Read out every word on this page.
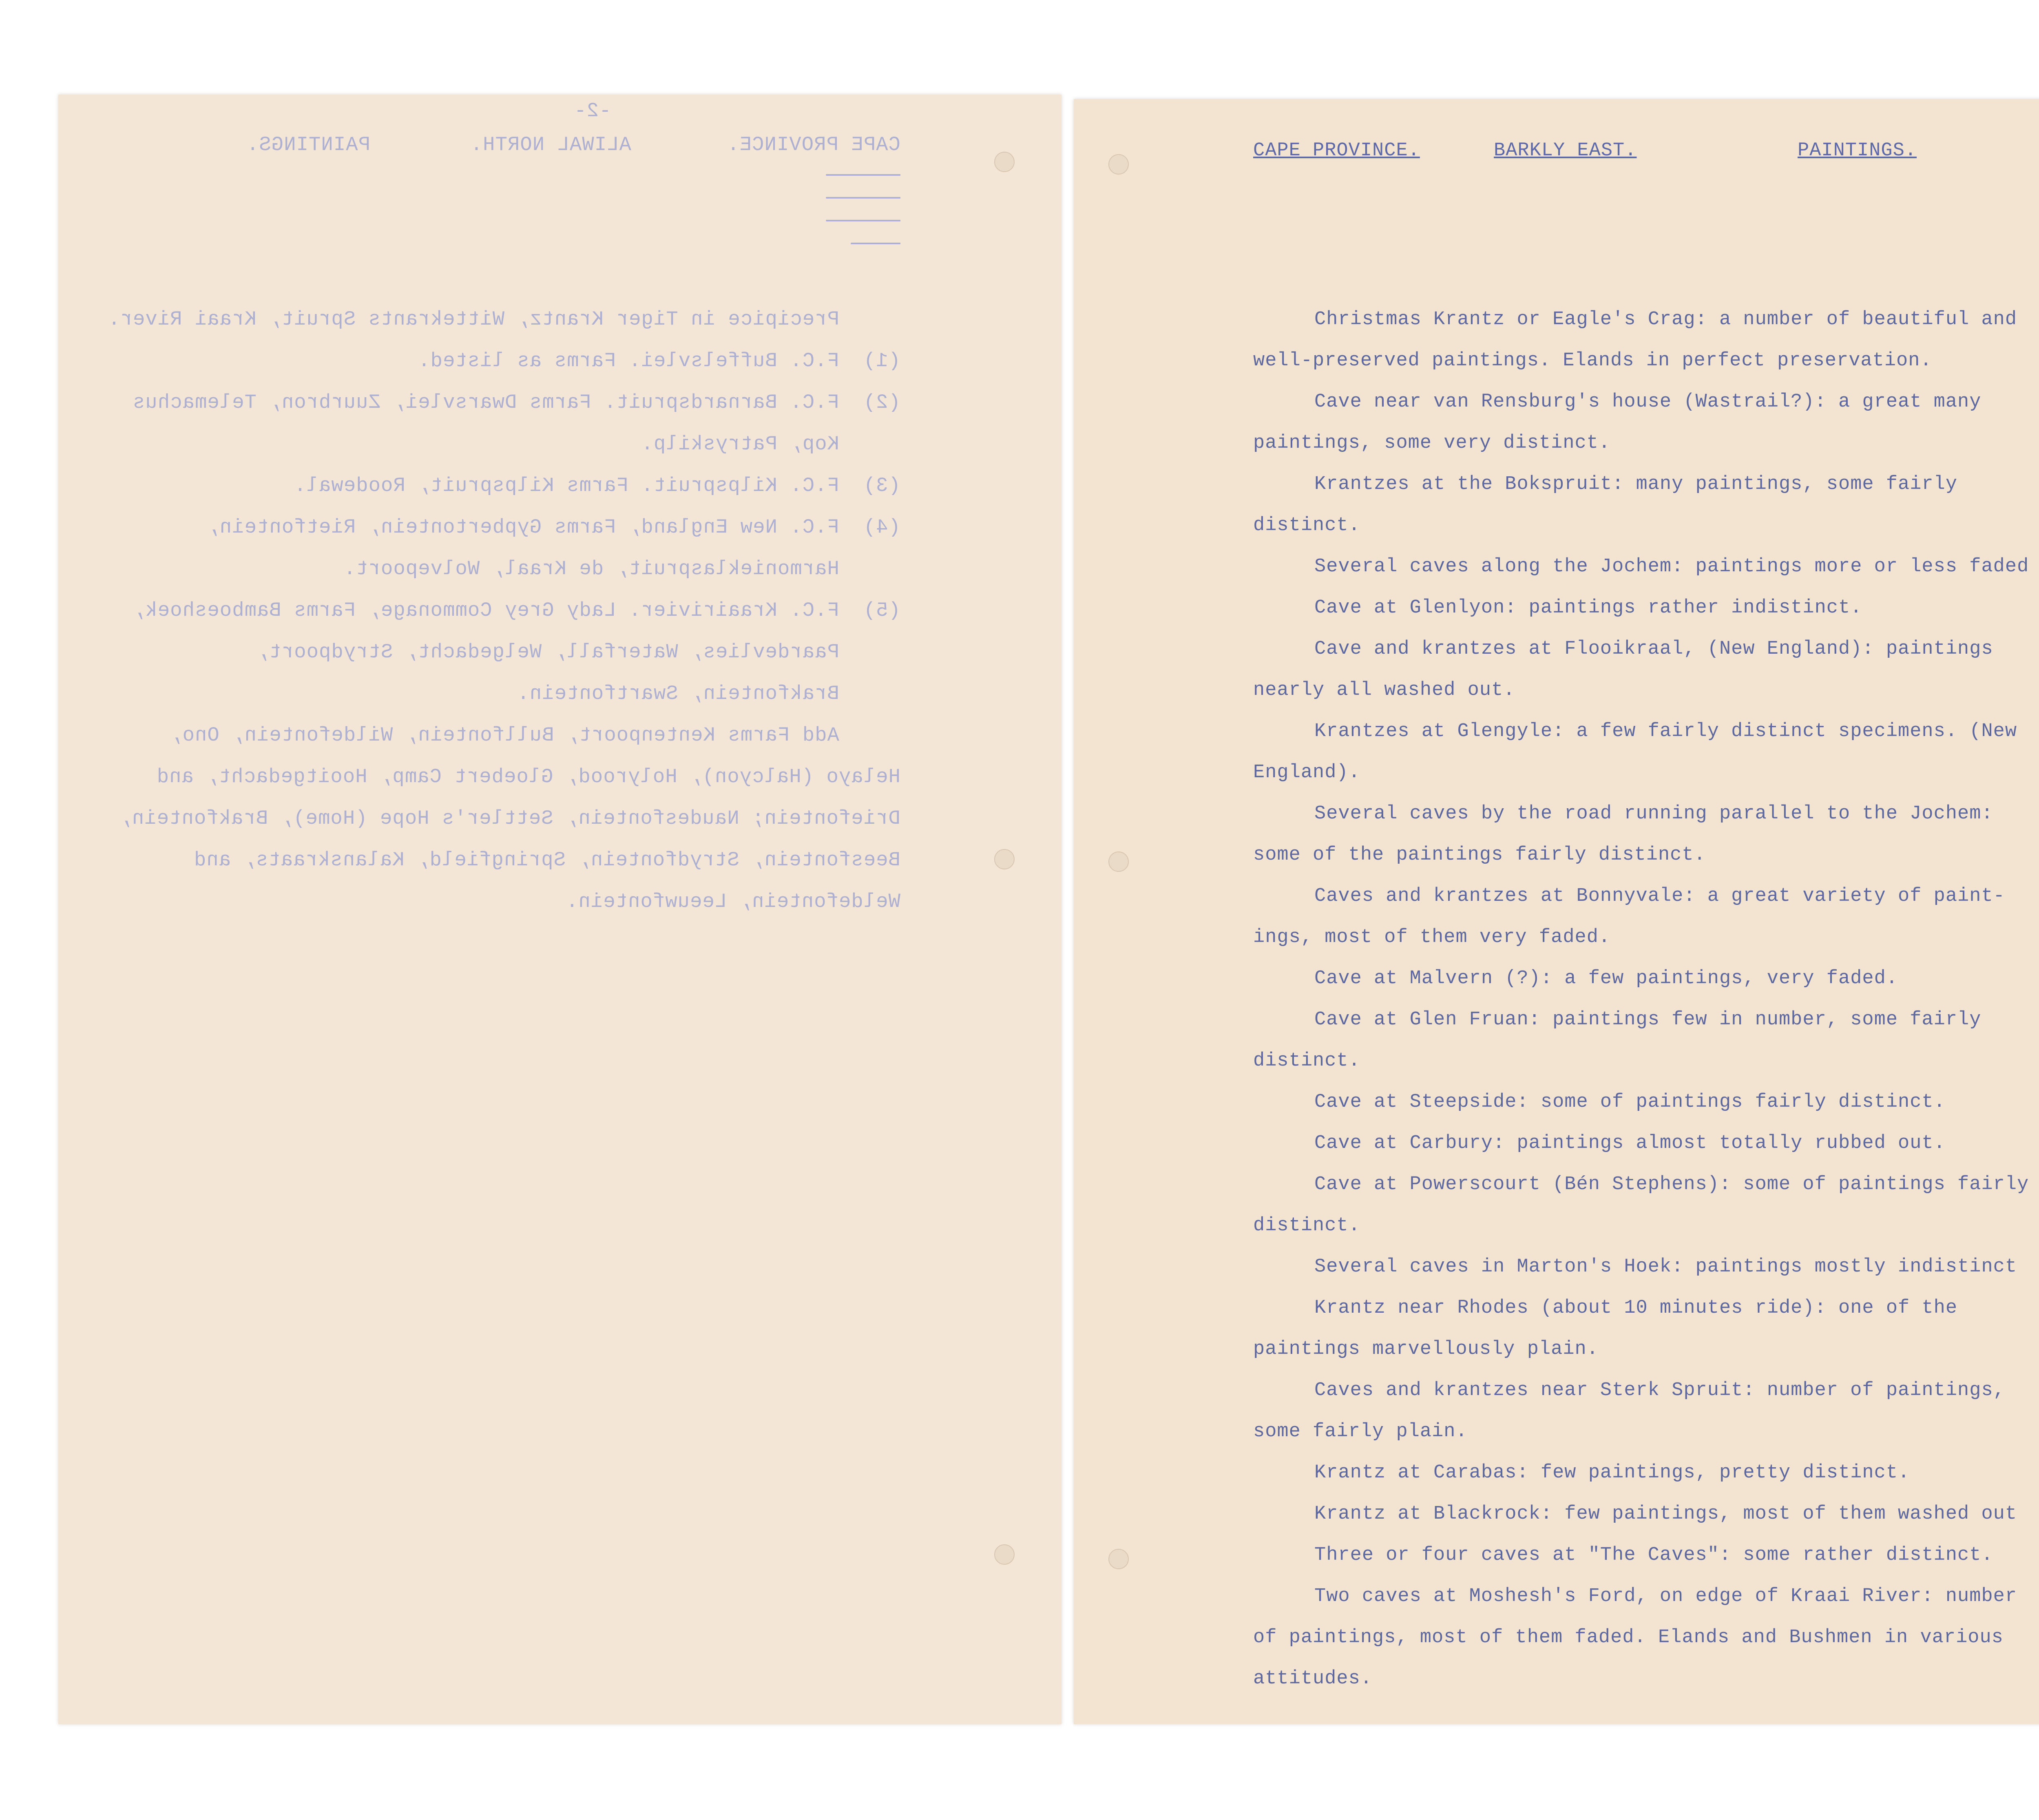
-2-

CAPE PROVINCE.

ALIWAL NORTH.

PAINTINGS.

Precipice in Tiger Krantz, Wittekrants Spruit, Kraai River.

(1)F.C. Buffelsvlei. Farms as listed.

(2)F.C. Barnardspruit. Farms Dwarsvlei, Zuurbron, Telemachus Kop, Patryskilp.

(3)F.C. Kilpspruit. Farms Kilpspruit, Roodewal.

(4)F.C. New England, Farms Gypbertontein, Rietfontein, Harmonieklaspruit, de Kraal, Wolvepoort.

(5)F.C. Kraairivier. Lady Grey Commonage, Farms Bamboeshoek, Paardevlies, Waterfall, Welgedacht, Strydpoort, Brakfontein, Swartfontein.

Add Farms Kentenpoort, Bullfontein, Wildefontein, Ono, Helayo (Halcyon), Holyrood, Gloebert Camp, Hooitgedacht, and Driefontein; Naudesfontein, Settler's Hope (Home), Brakfontein, Beesfontein, Strydfontein, Springfield, Kalanskraats, and Weldefontein, Leeuwfontein.

CAPE PROVINCE.	BARKLY EAST.	PAINTINGS.

Christmas Krantz or Eagle's Crag: a number of beautiful and well-preserved paintings. Elands in perfect preservation.

Cave near van Rensburg's house (Wastrail?): a great many paintings, some very distinct.

Krantzes at the Bokspruit: many paintings, some fairly distinct.

Several caves along the Jochem: paintings more or less faded

Cave at Glenlyon: paintings rather indistinct.

Cave and krantzes at Flooikraal, (New England): paintings nearly all washed out.

Krantzes at Glengyle: a few fairly distinct specimens. (New England).

Several caves by the road running parallel to the Jochem: some of the paintings fairly distinct.

Caves and krantzes at Bonnyvale: a great variety of paint- ings, most of them very faded.

Cave at Malvern (?): a few paintings, very faded.

Cave at Glen Fruan: paintings few in number, some fairly distinct.

Cave at Steepside: some of paintings fairly distinct.

Cave at Carbury: paintings almost totally rubbed out.

Cave at Powerscourt (Bén Stephens): some of paintings fairly distinct.

Several caves in Marton's Hoek: paintings mostly indistinct

Krantz near Rhodes (about 10 minutes ride): one of the paintings marvellously plain.

Caves and krantzes near Sterk Spruit: number of paintings, some fairly plain.

Krantz at Carabas: few paintings, pretty distinct.

Krantz at Blackrock: few paintings, most of them washed out

Three or four caves at "The Caves": some rather distinct.

Two caves at Moshesh's Ford, on edge of Kraai River: number of paintings, most of them faded. Elands and Bushmen in various attitudes.
